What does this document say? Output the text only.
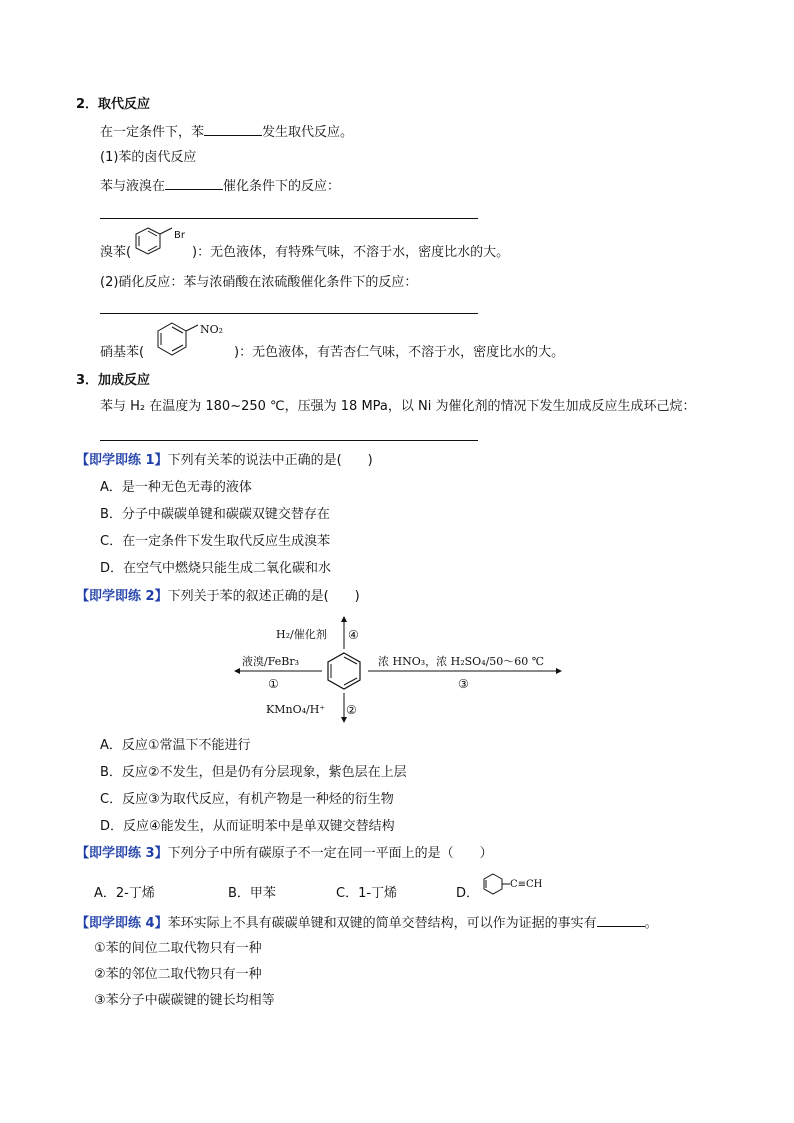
2．取代反应
在一定条件下，苯	发生取代反应。
(1)苯的卤代反应
苯与液溴在	催化条件下的反应：
溴苯(
Br
)：无色液体，有特殊气味，不溶于水，密度比水的大。
(2)硝化反应：苯与浓硝酸在浓硫酸催化条件下的反应：
硝基苯(
NO₂
)：无色液体，有苦杏仁气味，不溶于水，密度比水的大。
3．加成反应
苯与 H₂ 在温度为 180~250 ℃，压强为 18 MPa，以 Ni 为催化剂的情况下发生加成反应生成环己烷：
【即学即练 1】下列有关苯的说法中正确的是(　　)
A．是一种无色无毒的液体
B．分子中碳碳单键和碳碳双键交替存在
C．在一定条件下发生取代反应生成溴苯
D．在空气中燃烧只能生成二氧化碳和水
【即学即练 2】下列关于苯的叙述正确的是(　　)
H₂/催化剂 ④
液溴/FeBr₃
①
浓 HNO₃，浓 H₂SO₄/50～60 ℃
③
KMnO₄/H⁺ ②
A．反应①常温下不能进行
B．反应②不发生，但是仍有分层现象，紫色层在上层
C．反应③为取代反应，有机产物是一种烃的衍生物
D．反应④能发生，从而证明苯中是单双键交替结构
【即学即练 3】下列分子中所有碳原子不一定在同一平面上的是（　　）
A．2-丁烯	B．甲苯	C．1-丁烯	D．
C≡CH
【即学即练 4】苯环实际上不具有碳碳单键和双键的简单交替结构，可以作为证据的事实有	。
①苯的间位二取代物只有一种
②苯的邻位二取代物只有一种
③苯分子中碳碳键的键长均相等
